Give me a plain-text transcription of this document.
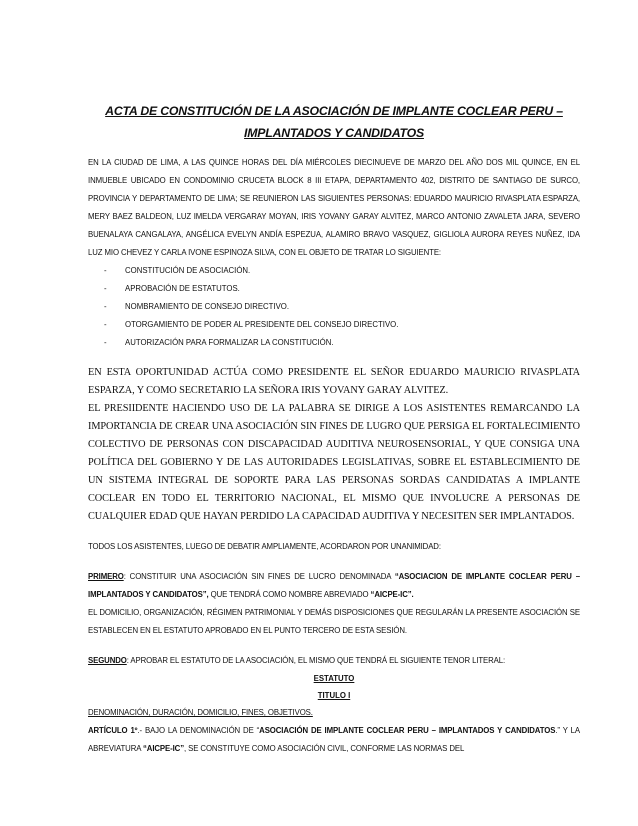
ACTA DE CONSTITUCIÓN DE LA ASOCIACIÓN DE IMPLANTE COCLEAR PERU –
IMPLANTADOS Y CANDIDATOS

EN LA CIUDAD DE LIMA, A LAS QUINCE HORAS DEL DÍA MIÉRCOLES DIECINUEVE DE MARZO DEL AÑO DOS MIL QUINCE, EN EL INMUEBLE UBICADO EN CONDOMINIO CRUCETA BLOCK 8 III ETAPA, DEPARTAMENTO 402, DISTRITO DE SANTIAGO DE SURCO, PROVINCIA Y DEPARTAMENTO DE LIMA; SE REUNIERON LAS SIGUIENTES PERSONAS: EDUARDO MAURICIO RIVASPLATA ESPARZA, MERY BAEZ BALDEON, LUZ IMELDA VERGARAY MOYAN, IRIS YOVANY GARAY ALVITEZ, MARCO ANTONIO ZAVALETA JARA, SEVERO BUENALAYA CANGALAYA, ANGÉLICA EVELYN ANDÍA ESPEZUA, ALAMIRO BRAVO VASQUEZ, GIGLIOLA AURORA REYES NUÑEZ, IDA LUZ MIO CHEVEZ Y CARLA IVONE ESPINOZA SILVA, CON EL OBJETO DE TRATAR LO SIGUIENTE:

- CONSTITUCIÓN DE ASOCIACIÓN.
- APROBACIÓN DE ESTATUTOS.
- NOMBRAMIENTO DE CONSEJO DIRECTIVO.
- OTORGAMIENTO DE PODER AL PRESIDENTE DEL CONSEJO DIRECTIVO.
- AUTORIZACIÓN PARA FORMALIZAR LA CONSTITUCIÓN.

EN ESTA OPORTUNIDAD ACTÚA COMO PRESIDENTE EL SEÑOR EDUARDO MAURICIO RIVASPLATA ESPARZA, Y COMO SECRETARIO LA SEÑORA IRIS YOVANY GARAY ALVITEZ.

EL PRESIIDENTE HACIENDO USO DE LA PALABRA SE DIRIGE A LOS ASISTENTES REMARCANDO LA IMPORTANCIA DE CREAR UNA ASOCIACIÓN SIN FINES DE LUGRO QUE PERSIGA EL FORTALECIMIENTO COLECTIVO DE PERSONAS CON DISCAPACIDAD AUDITIVA NEUROSENSORIAL, Y QUE CONSIGA UNA POLÍTICA DEL GOBIERNO Y DE LAS AUTORIDADES LEGISLATIVAS, SOBRE EL ESTABLECIMIENTO DE UN SISTEMA INTEGRAL DE SOPORTE PARA LAS PERSONAS SORDAS CANDIDATAS A IMPLANTE COCLEAR EN TODO EL TERRITORIO NACIONAL, EL MISMO QUE INVOLUCRE A PERSONAS DE CUALQUIER EDAD QUE HAYAN PERDIDO LA CAPACIDAD AUDITIVA Y NECESITEN SER IMPLANTADOS.

TODOS LOS ASISTENTES, LUEGO DE DEBATIR AMPLIAMENTE, ACORDARON POR UNANIMIDAD:

PRIMERO: CONSTITUIR UNA ASOCIACIÓN SIN FINES DE LUCRO DENOMINADA “ASOCIACION DE IMPLANTE COCLEAR PERU – IMPLANTADOS Y CANDIDATOS”, QUE TENDRÁ COMO NOMBRE ABREVIADO “AICPE-IC”.

EL DOMICILIO, ORGANIZACIÓN, RÉGIMEN PATRIMONIAL Y DEMÁS DISPOSICIONES QUE REGULARÁN LA PRESENTE ASOCIACIÓN SE ESTABLECEN EN EL ESTATUTO APROBADO EN EL PUNTO TERCERO DE ESTA SESIÓN.

SEGUNDO: APROBAR EL ESTATUTO DE LA ASOCIACIÓN, EL MISMO QUE TENDRÁ EL SIGUIENTE TENOR LITERAL:

ESTATUTO

TITULO I

DENOMINACIÓN, DURACIÓN, DOMICILIO, FINES, OBJETIVOS.

ARTÍCULO 1º.- BAJO LA DENOMINACIÓN DE “ASOCIACIÓN DE IMPLANTE COCLEAR PERU – IMPLANTADOS Y CANDIDATOS.” Y LA ABREVIATURA “AICPE-IC”, SE CONSTITUYE COMO ASOCIACIÓN CIVIL, CONFORME LAS NORMAS DEL
